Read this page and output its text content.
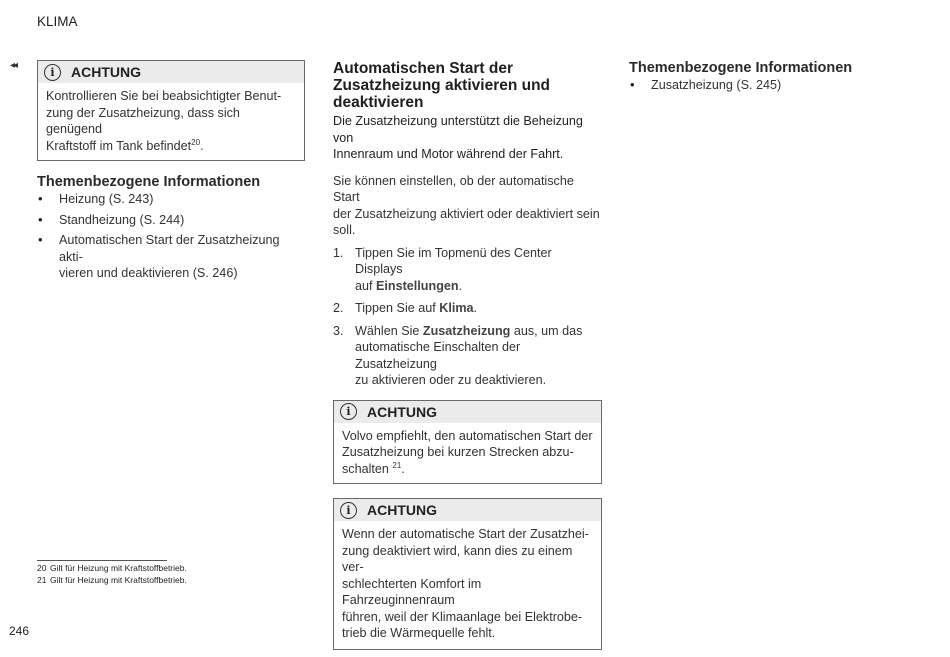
KLIMA
◂◂	i	ACHTUNG
Kontrollieren Sie bei beabsichtigter Benut-
zung der Zusatzheizung, dass sich genügend
Kraftstoff im Tank befindet$^{20}$.
Themenbezogene Informationen
• Heizung (S. 243)
• Standheizung (S. 244)
• Automatischen Start der Zusatzheizung akti-
vieren und deaktivieren (S. 246)
Automatischen Start der
Zusatzheizung aktivieren und
deaktivieren

Die Zusatzheizung unterstützt die Beheizung von
Innenraum und Motor während der Fahrt.

Sie können einstellen, ob der automatische Start
der Zusatzheizung aktiviert oder deaktiviert sein
soll.

1. Tippen Sie im Topmenü des Center Displays
auf Einstellungen.
2. Tippen Sie auf Klima.
3. Wählen Sie Zusatzheizung aus, um das
automatische Einschalten der Zusatzheizung
zu aktivieren oder zu deaktivieren.
i	ACHTUNG
Volvo empfiehlt, den automatischen Start der
Zusatzheizung bei kurzen Strecken abzu-
schalten $^{21}$.
i	ACHTUNG
Wenn der automatische Start der Zusatzhei-
zung deaktiviert wird, kann dies zu einem ver-
schlechterten Komfort im Fahrzeuginnenraum
führen, weil der Klimaanlage bei Elektrobe-
trieb die Wärmequelle fehlt.
Themenbezogene Informationen
• Zusatzheizung (S. 245)
20 Gilt für Heizung mit Kraftstoffbetrieb.
21 Gilt für Heizung mit Kraftstoffbetrieb.
246
